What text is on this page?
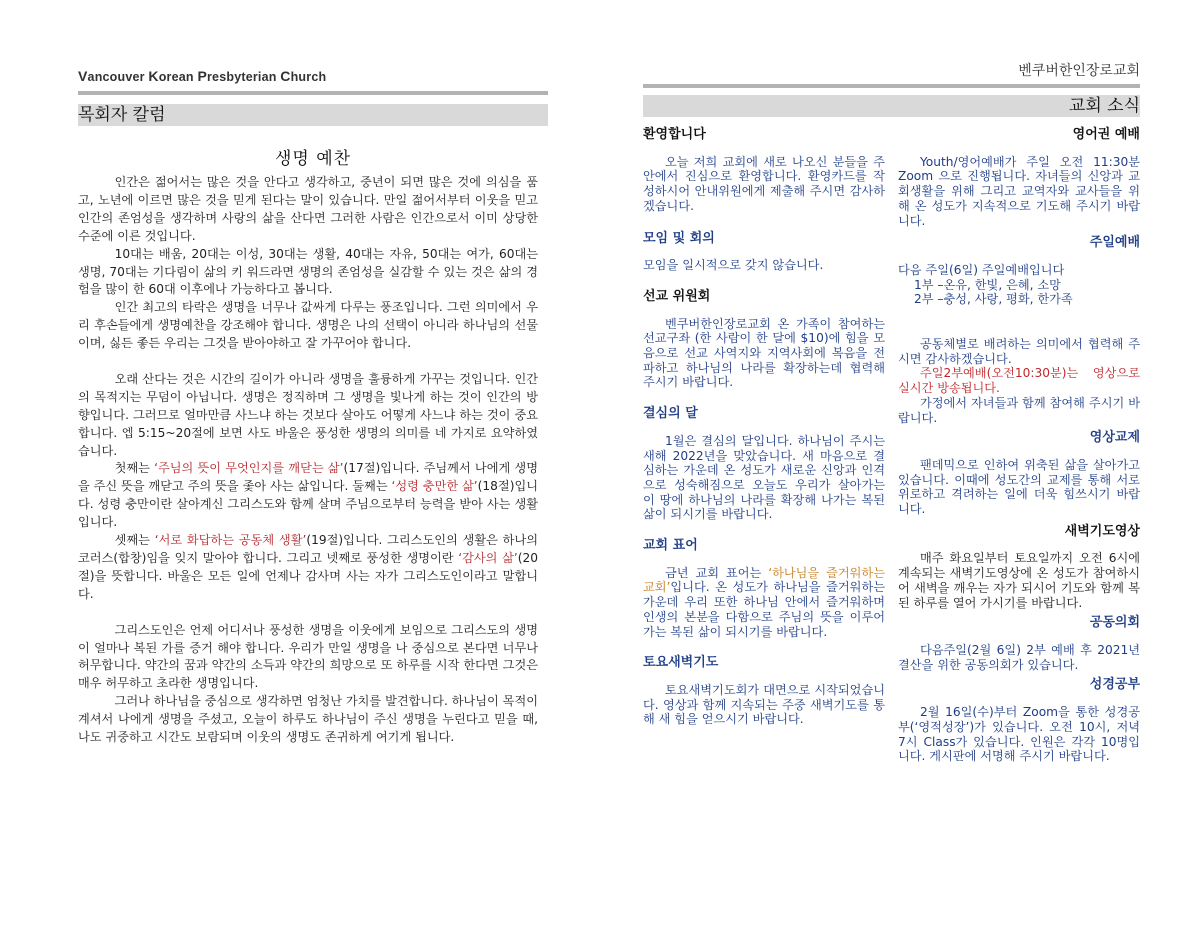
Vancouver Korean Presbyterian Church
목회자 칼럼
생명 예찬

인간은 젊어서는 많은 것을 안다고 생각하고, 중년이 되면 많은 것에 의심을 품고, 노년에 이르면 많은 것을 믿게 된다는 말이 있습니다. 만일 젊어서부터 이웃을 믿고 인간의 존엄성을 생각하며 사랑의 삶을 산다면 그러한 사람은 인간으로서 이미 상당한 수준에 이른 것입니다.

10대는 배움, 20대는 이성, 30대는 생활, 40대는 자유, 50대는 여가, 60대는 생명, 70대는 기다림이 삶의 키 워드라면 생명의 존엄성을 실감할 수 있는 것은 삶의 경험을 많이 한 60대 이후에나 가능하다고 봅니다.

인간 최고의 타락은 생명을 너무나 값싸게 다루는 풍조입니다. 그런 의미에서 우리 후손들에게 생명예찬을 강조해야 합니다. 생명은 나의 선택이 아니라 하나님의 선물이며, 싫든 좋든 우리는 그것을 받아야하고 잘 가꾸어야 합니다.

오래 산다는 것은 시간의 길이가 아니라 생명을 훌륭하게 가꾸는 것입니다. 인간의 목적지는 무덤이 아닙니다. 생명은 정직하며 그 생명을 빛나게 하는 것이 인간의 방향입니다. 그러므로 얼마만큼 사느냐 하는 것보다 살아도 어떻게 사느냐 하는 것이 중요합니다. 엡 5:15~20절에 보면 사도 바울은 풍성한 생명의 의미를 네 가지로 요약하였습니다.

첫째는 ‘주님의 뜻이 무엇인지를 깨닫는 삶’(17절)입니다. 주님께서 나에게 생명을 주신 뜻을 깨닫고 주의 뜻을 좇아 사는 삶입니다. 둘째는 ‘성령 충만한 삶’(18절)입니다. 성령 충만이란 살아계신 그리스도와 함께 살며 주님으로부터 능력을 받아 사는 생활입니다.

셋째는 ‘서로 화답하는 공동체 생활’(19절)입니다. 그리스도인의 생활은 하나의 코러스(합창)임을 잊지 말아야 합니다. 그리고 넷째로 풍성한 생명이란 ‘감사의 삶’(20절)을 뜻합니다. 바울은 모든 일에 언제나 감사며 사는 자가 그리스도인이라고 말합니다.

그리스도인은 언제 어디서나 풍성한 생명을 이웃에게 보임으로 그리스도의 생명이 얼마나 복된 가를 증거 해야 합니다. 우리가 만일 생명을 나 중심으로 본다면 너무나 허무합니다. 약간의 꿈과 약간의 소득과 약간의 희망으로 또 하루를 시작 한다면 그것은 매우 허무하고 초라한 생명입니다.

그러나 하나님을 중심으로 생각하면 엄청난 가치를 발견합니다. 하나님이 목적이 계셔서 나에게 생명을 주셨고, 오늘이 하루도 하나님이 주신 생명을 누린다고 믿을 때, 나도 귀중하고 시간도 보람되며 이웃의 생명도 존귀하게 여기게 됩니다.

벤쿠버한인장로교회
교회 소식
환영합니다

오늘 저희 교회에 새로 나오신 분들을 주 안에서 진심으로 환영합니다. 환영카드를 작성하시어 안내위원에게 제출해 주시면 감사하겠습니다.

모임 및 회의

모임을 일시적으로 갖지 않습니다.

선교 위원회

벤쿠버한인장로교회 온 가족이 참여하는 선교구좌 (한 사람이 한 달에 $10)에 힘을 모음으로 선교 사역지와 지역사회에 복음을 전파하고 하나님의 나라를 확장하는데 협력해 주시기 바랍니다.

결심의 달

1월은 결심의 달입니다. 하나님이 주시는 새해 2022년을 맞았습니다. 새 마음으로 결심하는 가운데 온 성도가 새로운 신앙과 인격으로 성숙해짐으로 오늘도 우리가 살아가는 이 땅에 하나님의 나라를 확장해 나가는 복된 삶이 되시기를 바랍니다.

교회 표어

금년 교회 표어는 ‘하나님을 즐거워하는 교회’입니다. 온 성도가 하나님을 즐거워하는 가운데 우리 또한 하나님 안에서 즐거워하며 인생의 본분을 다함으로 주님의 뜻을 이루어가는 복된 삶이 되시기를 바랍니다.

토요새벽기도

토요새벽기도회가 대면으로 시작되었습니다. 영상과 함께 지속되는 주중 새벽기도를 통해 새 힘을 얻으시기 바랍니다.

영어권 예배

Youth/영어예배가 주일 오전 11:30분 Zoom 으로 진행됩니다. 자녀들의 신앙과 교회생활을 위해 그리고 교역자와 교사들을 위해 온 성도가 지속적으로 기도해 주시기 바랍니다.

주일예배

다음 주일(6일) 주일예배입니다

1부 –온유, 한빛, 은혜, 소망

2부 –충성, 사랑, 평화, 한가족

공동체별로 배려하는 의미에서 협력해 주시면 감사하겠습니다.

주일2부예배(오전10:30분)는 영상으로 실시간 방송됩니다.

가정에서 자녀들과 함께 참여해 주시기 바랍니다.

영상교제

팬데믹으로 인하여 위축된 삶을 살아가고 있습니다. 이때에 성도간의 교제를 통해 서로 위로하고 격려하는 일에 더욱 힘쓰시기 바랍니다.

새벽기도영상

매주 화요일부터 토요일까지 오전 6시에 계속되는 새벽기도영상에 온 성도가 참여하시어 새벽을 깨우는 자가 되시어 기도와 함께 복된 하루를 열어 가시기를 바랍니다.

공동의회

다음주일(2월 6일) 2부 예배 후 2021년 결산을 위한 공동의회가 있습니다.

성경공부

2월 16일(수)부터 Zoom을 통한 성경공부(‘영적성장’)가 있습니다. 오전 10시, 저녁 7시 Class가 있습니다. 인원은 각각 10명입니다. 게시판에 서명해 주시기 바랍니다.
